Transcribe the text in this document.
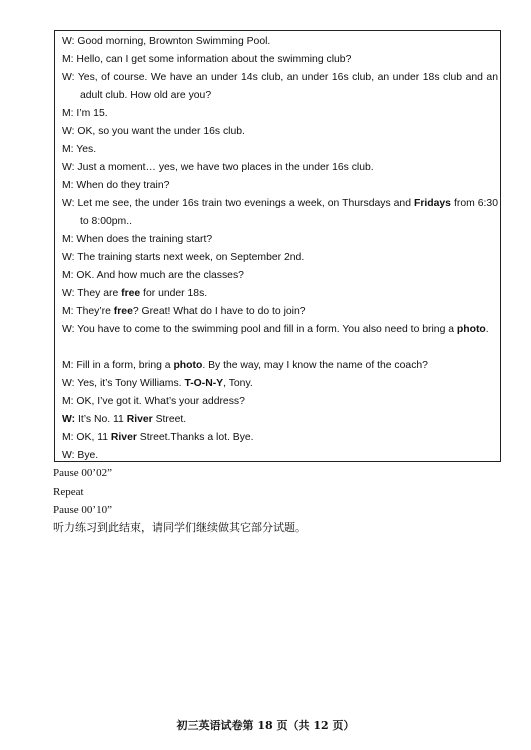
W: Good morning, Brownton Swimming Pool.
M: Hello, can I get some information about the swimming club?
W: Yes, of course. We have an under 14s club, an under 16s club, an under 18s club and an adult club. How old are you?
M: I’m 15.
W: OK, so you want the under 16s club.
M: Yes.
W: Just a moment… yes, we have two places in the under 16s club.
M: When do they train?
W: Let me see, the under 16s train two evenings a week, on Thursdays and Fridays from 6:30 to 8:00pm..
M: When does the training start?
W: The training starts next week, on September 2nd.
M: OK. And how much are the classes?
W: They are free for under 18s.
M: They’re free? Great! What do I have to do to join?
W: You have to come to the swimming pool and fill in a form. You also need to bring a photo.
M: Fill in a form, bring a photo. By the way, may I know the name of the coach?
W: Yes, it’s Tony Williams. T-O-N-Y, Tony.
M: OK, I’ve got it. What’s your address?
W: It’s No. 11 River Street.
M: OK, 11 River Street.Thanks a lot. Bye.
W: Bye.
Pause 00’02”
Repeat
Pause 00’10”
听力练习到此结束，请同学们继续做其它部分试题。
初三英语试卷第 18 页（共 12 页）
